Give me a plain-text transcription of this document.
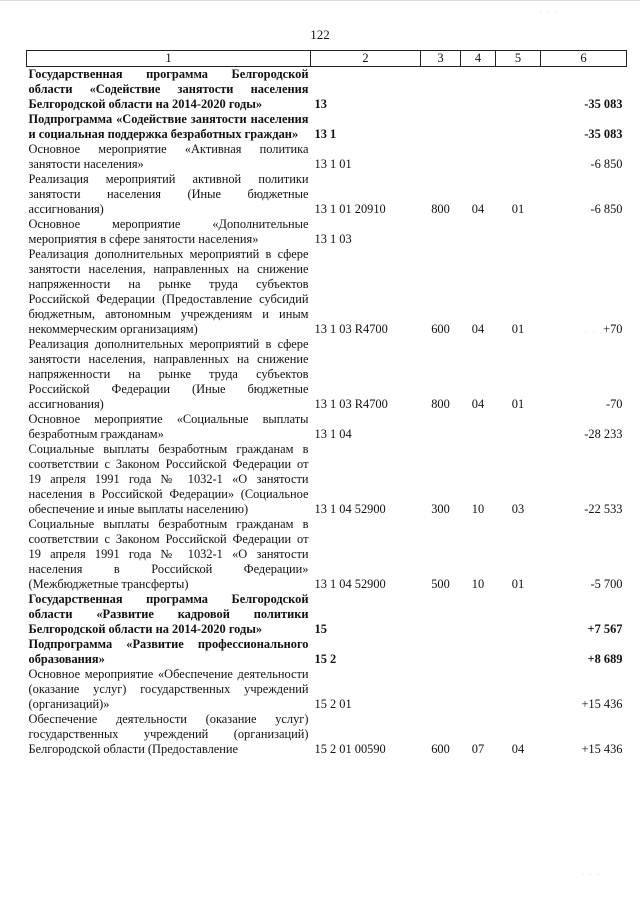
122
1	2	3	4	5	6
Государственная программа Белгородской области «Содействие занятости населения Белгородской области на 2014-2020 годы»	13				-35 083
Подпрограмма «Содействие занятости населения и социальная поддержка безработных граждан»	13 1				-35 083
Основное мероприятие «Активная политика занятости населения»	13 1 01				-6 850
Реализация мероприятий активной политики занятости населения (Иные бюджетные ассигнования)	13 1 01 20910	800	04	01	-6 850
Основное мероприятие «Дополнительные мероприятия в сфере занятости населения»	13 1 03				
Реализация дополнительных мероприятий в сфере занятости населения, направленных на снижение напряженности на рынке труда субъектов Российской Федерации (Предоставление субсидий бюджетным, автономным учреждениям и иным некоммерческим организациям)	13 1 03 R4700	600	04	01	+70
Реализация дополнительных мероприятий в сфере занятости населения, направленных на снижение напряженности на рынке труда субъектов Российской Федерации (Иные бюджетные ассигнования)	13 1 03 R4700	800	04	01	-70
Основное мероприятие «Социальные выплаты безработным гражданам»	13 1 04				-28 233
Социальные выплаты безработным гражданам в соответствии с Законом Российской Федерации от 19 апреля 1991 года № 1032-1 «О занятости населения в Российской Федерации» (Социальное обеспечение и иные выплаты населению)	13 1 04 52900	300	10	03	-22 533
Социальные выплаты безработным гражданам в соответствии с Законом Российской Федерации от 19 апреля 1991 года № 1032-1 «О занятости населения в Российской Федерации» (Межбюджетные трансферты)	13 1 04 52900	500	10	01	-5 700
Государственная программа Белгородской области «Развитие кадровой политики Белгородской области на 2014-2020 годы»	15				+7 567
Подпрограмма «Развитие профессионального образования»	15 2				+8 689
Основное мероприятие «Обеспечение деятельности (оказание услуг) государственных учреждений (организаций)»	15 2 01				+15 436
Обеспечение деятельности (оказание услуг) государственных учреждений (организаций) Белгородской области (Предоставление	15 2 01 00590	600	07	04	+15 436
· · ·
· · ·
· · ·
